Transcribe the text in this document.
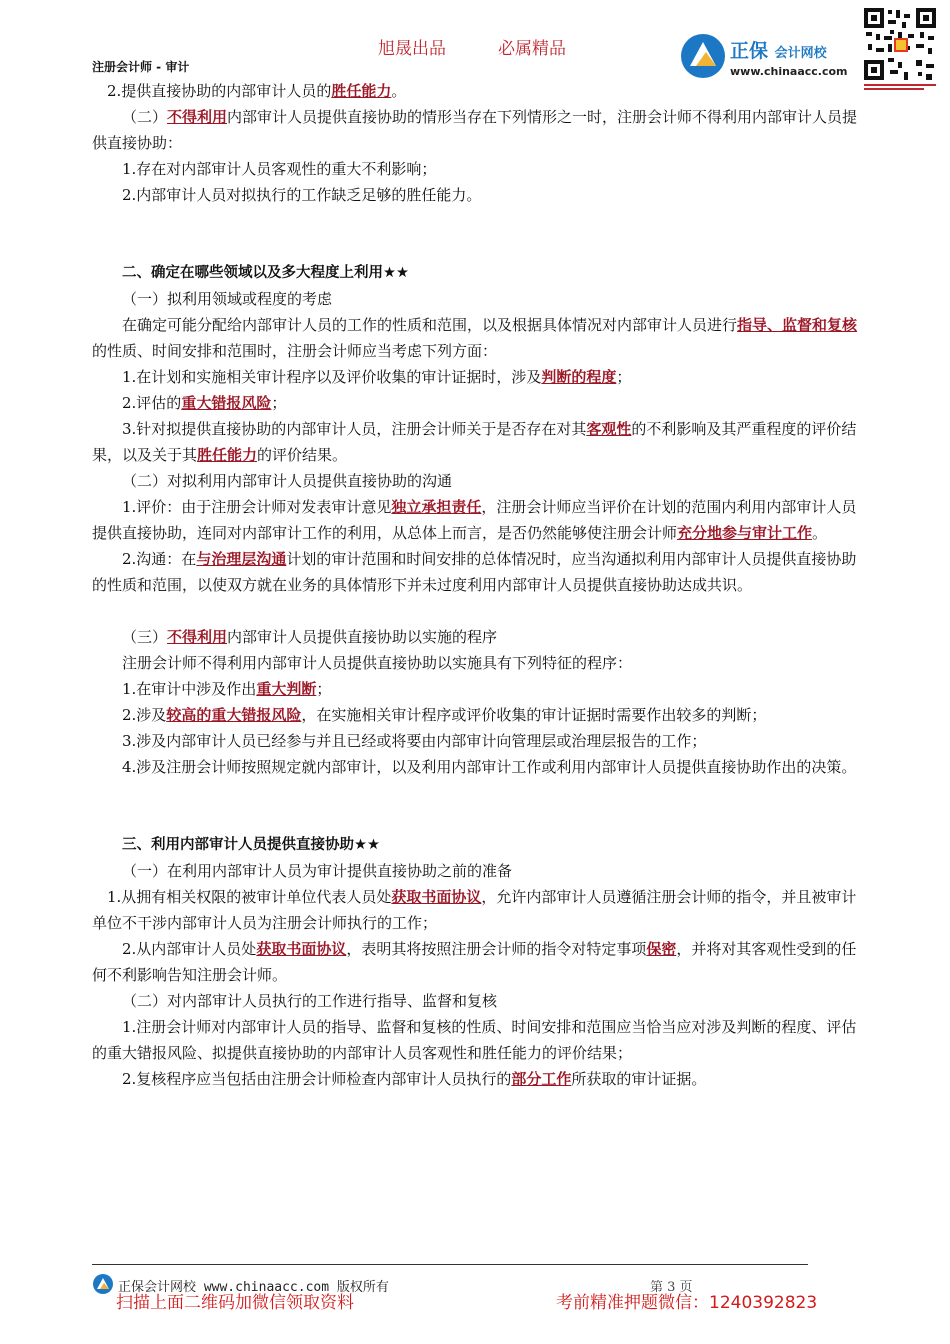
旭晟出品	必属精品
注册会计师 - 审计
正保 会计网校
www.chinaacc.com

2.提供直接协助的内部审计人员的胜任能力。

（二）不得利用内部审计人员提供直接协助的情形当存在下列情形之一时，注册会计师不得利用内部审计人员提供直接协助：

1.存在对内部审计人员客观性的重大不利影响；

2.内部审计人员对拟执行的工作缺乏足够的胜任能力。

二、确定在哪些领域以及多大程度上利用★★

（一）拟利用领域或程度的考虑

在确定可能分配给内部审计人员的工作的性质和范围，以及根据具体情况对内部审计人员进行指导、监督和复核的性质、时间安排和范围时，注册会计师应当考虑下列方面：

1.在计划和实施相关审计程序以及评价收集的审计证据时，涉及判断的程度；

2.评估的重大错报风险；

3.针对拟提供直接协助的内部审计人员，注册会计师关于是否存在对其客观性的不利影响及其严重程度的评价结果，以及关于其胜任能力的评价结果。

（二）对拟利用内部审计人员提供直接协助的沟通

1.评价：由于注册会计师对发表审计意见独立承担责任，注册会计师应当评价在计划的范围内利用内部审计人员提供直接协助，连同对内部审计工作的利用，从总体上而言，是否仍然能够使注册会计师充分地参与审计工作。

2.沟通：在与治理层沟通计划的审计范围和时间安排的总体情况时，应当沟通拟利用内部审计人员提供直接协助的性质和范围，以使双方就在业务的具体情形下并未过度利用内部审计人员提供直接协助达成共识。

（三）不得利用内部审计人员提供直接协助以实施的程序

注册会计师不得利用内部审计人员提供直接协助以实施具有下列特征的程序：

1.在审计中涉及作出重大判断；

2.涉及较高的重大错报风险，在实施相关审计程序或评价收集的审计证据时需要作出较多的判断；

3.涉及内部审计人员已经参与并且已经或将要由内部审计向管理层或治理层报告的工作；

4.涉及注册会计师按照规定就内部审计，以及利用内部审计工作或利用内部审计人员提供直接协助作出的决策。

三、利用内部审计人员提供直接协助★★

（一）在利用内部审计人员为审计提供直接协助之前的准备

1.从拥有相关权限的被审计单位代表人员处获取书面协议，允许内部审计人员遵循注册会计师的指令，并且被审计单位不干涉内部审计人员为注册会计师执行的工作；

2.从内部审计人员处获取书面协议，表明其将按照注册会计师的指令对特定事项保密，并将对其客观性受到的任何不利影响告知注册会计师。

（二）对内部审计人员执行的工作进行指导、监督和复核

1.注册会计师对内部审计人员的指导、监督和复核的性质、时间安排和范围应当恰当应对涉及判断的程度、评估的重大错报风险、拟提供直接协助的内部审计人员客观性和胜任能力的评价结果；

2.复核程序应当包括由注册会计师检查内部审计人员执行的部分工作所获取的审计证据。

正保会计网校 www.chinaacc.com 版权所有	第 3 页
扫描上面二维码加微信领取资料	考前精准押题微信：1240392823
